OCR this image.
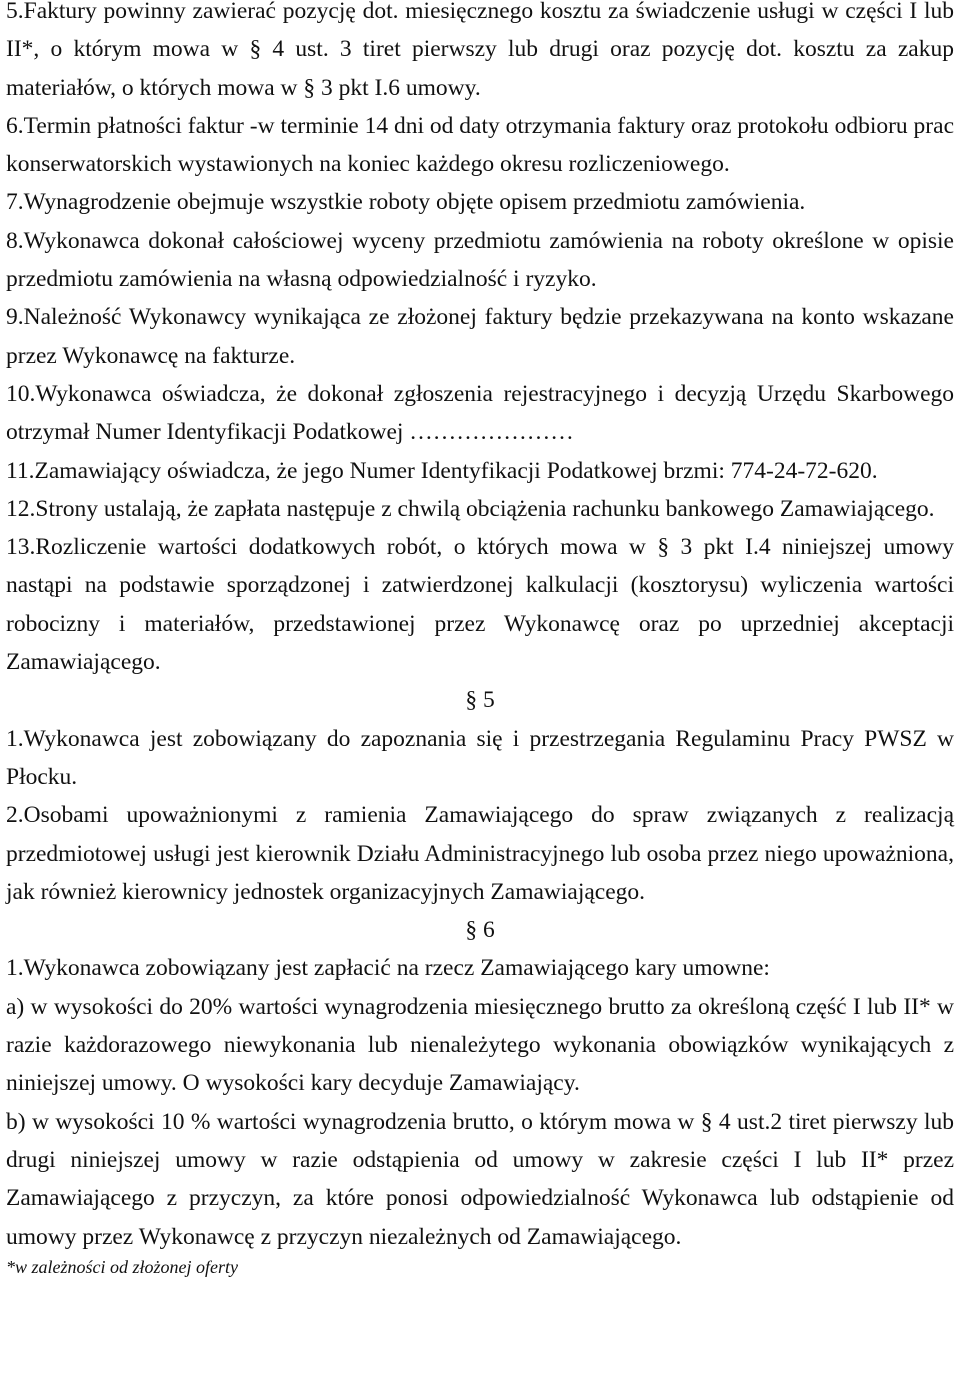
5.Faktury powinny zawierać pozycję dot. miesięcznego kosztu za świadczenie usługi w części I lub II*, o którym mowa w § 4 ust. 3 tiret pierwszy lub drugi oraz pozycję dot. kosztu za zakup materiałów, o których mowa w § 3 pkt I.6 umowy.

6.Termin płatności faktur -w terminie 14 dni od daty otrzymania faktury oraz protokołu odbioru prac konserwatorskich wystawionych na koniec każdego okresu rozliczeniowego.

7.Wynagrodzenie obejmuje wszystkie roboty objęte opisem przedmiotu zamówienia.

8.Wykonawca dokonał całościowej wyceny przedmiotu zamówienia na roboty określone w opisie przedmiotu zamówienia na własną odpowiedzialność i ryzyko.

9.Należność Wykonawcy wynikająca ze złożonej faktury będzie przekazywana na konto wskazane przez Wykonawcę na fakturze.

10.Wykonawca oświadcza, że dokonał zgłoszenia rejestracyjnego i decyzją Urzędu Skarbowego otrzymał Numer Identyfikacji Podatkowej …………………

11.Zamawiający oświadcza, że jego Numer Identyfikacji Podatkowej brzmi: 774-24-72-620.

12.Strony ustalają, że zapłata następuje z chwilą obciążenia rachunku bankowego Zamawiającego.

13.Rozliczenie wartości dodatkowych robót, o których mowa w § 3 pkt I.4 niniejszej umowy nastąpi na podstawie sporządzonej i zatwierdzonej kalkulacji (kosztorysu) wyliczenia wartości robocizny i materiałów, przedstawionej przez Wykonawcę oraz po uprzedniej akceptacji Zamawiającego.

§ 5

1.Wykonawca jest zobowiązany do zapoznania się i przestrzegania Regulaminu Pracy PWSZ w Płocku.

2.Osobami upoważnionymi z ramienia Zamawiającego do spraw związanych z realizacją przedmiotowej usługi jest kierownik Działu Administracyjnego lub osoba przez niego upoważniona, jak również kierownicy jednostek organizacyjnych Zamawiającego.

§ 6

1.Wykonawca zobowiązany jest zapłacić na rzecz Zamawiającego kary umowne:

a) w wysokości do 20% wartości wynagrodzenia miesięcznego brutto za określoną część I lub II* w razie każdorazowego niewykonania lub nienależytego wykonania obowiązków wynikających z niniejszej umowy. O wysokości kary decyduje Zamawiający.

b) w wysokości 10 % wartości wynagrodzenia brutto, o którym mowa w § 4 ust.2 tiret pierwszy lub drugi niniejszej umowy w razie odstąpienia od umowy w zakresie części I lub II* przez Zamawiającego z przyczyn, za które ponosi odpowiedzialność Wykonawca lub odstąpienie od umowy przez Wykonawcę z przyczyn niezależnych od Zamawiającego.

*w zależności od złożonej oferty
